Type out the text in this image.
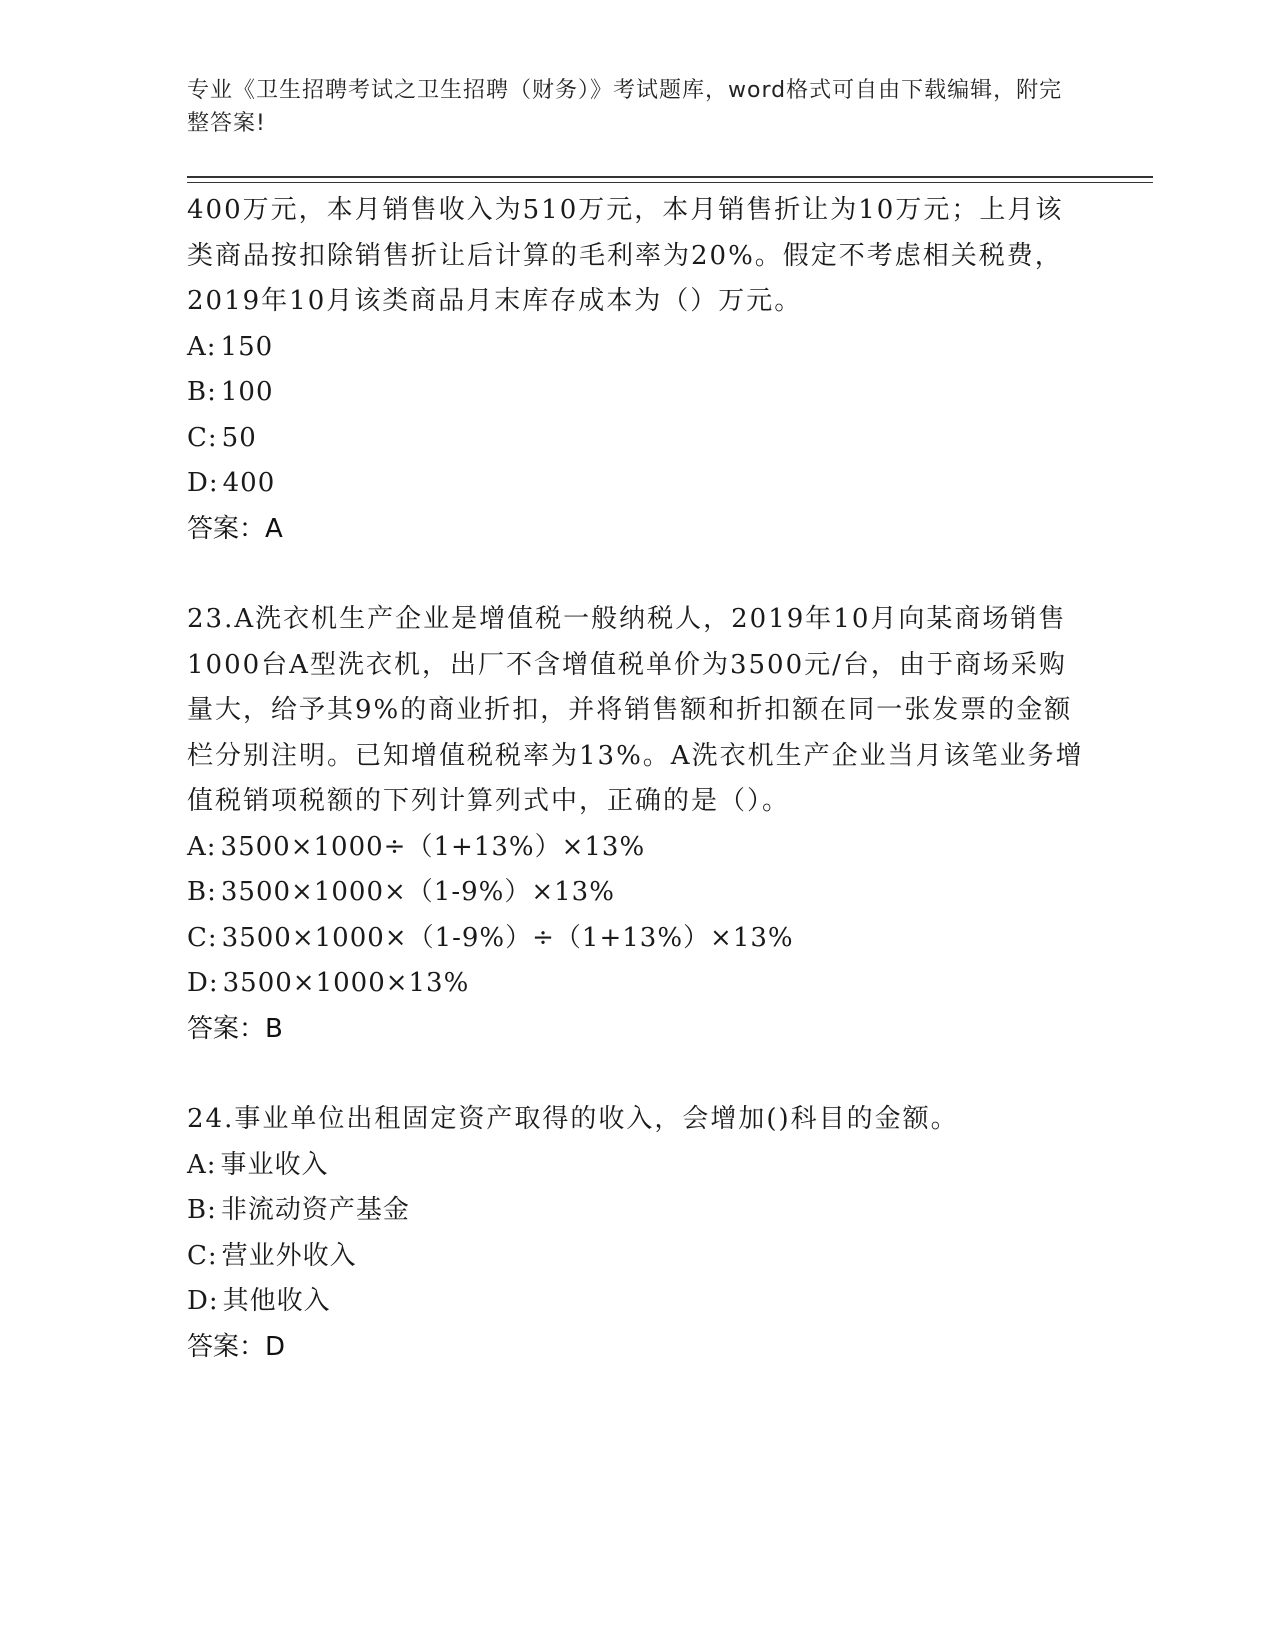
专业《卫生招聘考试之卫生招聘（财务）》考试题库，word格式可自由下载编辑，附完整答案!

400万元，本月销售收入为510万元，本月销售折让为10万元；上月该类商品按扣除销售折让后计算的毛利率为20%。假定不考虑相关税费，2019年10月该类商品月末库存成本为（）万元。

A: 150

B: 100

C: 50

D: 400

答案：A

23.A洗衣机生产企业是增值税一般纳税人，2019年10月向某商场销售1000台A型洗衣机，出厂不含增值税单价为3500元/台，由于商场采购量大，给予其9%的商业折扣，并将销售额和折扣额在同一张发票的金额栏分别注明。已知增值税税率为13%。A洗衣机生产企业当月该笔业务增值税销项税额的下列计算列式中，正确的是（）。

A: 3500×1000÷（1+13%）×13%

B: 3500×1000×（1-9%）×13%

C: 3500×1000×（1-9%）÷（1+13%）×13%

D: 3500×1000×13%

答案：B

24.事业单位出租固定资产取得的收入，会增加()科目的金额。

A: 事业收入

B: 非流动资产基金

C: 营业外收入

D: 其他收入

答案：D
